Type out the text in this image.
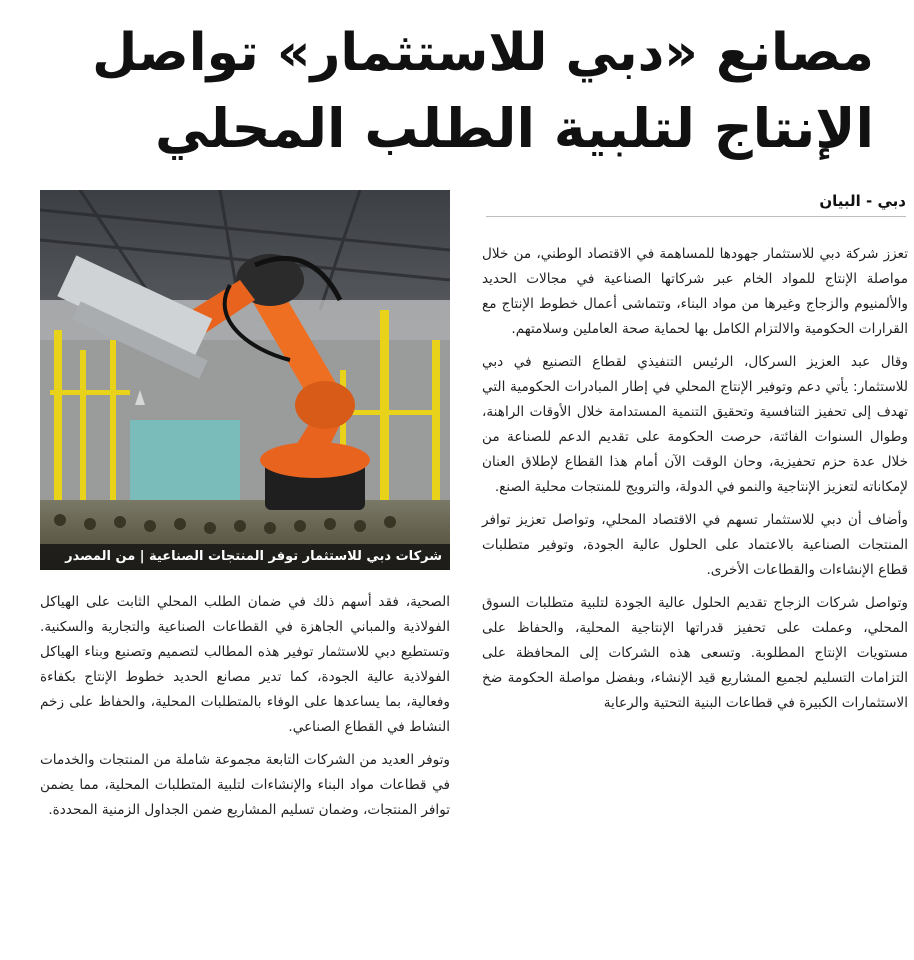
مصانع «دبي للاستثمار» تواصل
الإنتاج لتلبية الطلب المحلي
شركات دبي للاستثمار توفر المنتجات الصناعية | من المصدر
دبي - البيان

تعزز شركة دبي للاستثمار جهودها للمساهمة في الاقتصاد الوطني، من خلال مواصلة الإنتاج للمواد الخام عبر شركاتها الصناعية في مجالات الحديد والألمنيوم والزجاج وغيرها من مواد البناء، وتتماشى أعمال خطوط الإنتاج مع القرارات الحكومية والالتزام الكامل بها لحماية صحة العاملين وسلامتهم.

وقال عبد العزيز السركال، الرئيس التنفيذي لقطاع التصنيع في دبي للاستثمار: يأتي دعم وتوفير الإنتاج المحلي في إطار المبادرات الحكومية التي تهدف إلى تحفيز التنافسية وتحقيق التنمية المستدامة خلال الأوقات الراهنة، وطوال السنوات الفائتة، حرصت الحكومة على تقديم الدعم للصناعة من خلال عدة حزم تحفيزية، وحان الوقت الآن أمام هذا القطاع لإطلاق العنان لإمكاناته لتعزيز الإنتاجية والنمو في الدولة، والترويج للمنتجات محلية الصنع.

وأضاف أن دبي للاستثمار تسهم في الاقتصاد المحلي، وتواصل تعزيز توافر المنتجات الصناعية بالاعتماد على الحلول عالية الجودة، وتوفير متطلبات قطاع الإنشاءات والقطاعات الأخرى.

وتواصل شركات الزجاج تقديم الحلول عالية الجودة لتلبية متطلبات السوق المحلي، وعملت على تحفيز قدراتها الإنتاجية المحلية، والحفاظ على مستويات الإنتاج المطلوبة. وتسعى هذه الشركات إلى المحافظة على التزامات التسليم لجميع المشاريع قيد الإنشاء، وبفضل مواصلة الحكومة ضخ الاستثمارات الكبيرة في قطاعات البنية التحتية والرعاية

الصحية، فقد أسهم ذلك في ضمان الطلب المحلي الثابت على الهياكل الفولاذية والمباني الجاهزة في القطاعات الصناعية والتجارية والسكنية. وتستطيع دبي للاستثمار توفير هذه المطالب لتصميم وتصنيع وبناء الهياكل الفولاذية عالية الجودة، كما تدير مصانع الحديد خطوط الإنتاج بكفاءة وفعالية، بما يساعدها على الوفاء بالمتطلبات المحلية، والحفاظ على زخم النشاط في القطاع الصناعي.

وتوفر العديد من الشركات التابعة مجموعة شاملة من المنتجات والخدمات في قطاعات مواد البناء والإنشاءات لتلبية المتطلبات المحلية، مما يضمن توافر المنتجات، وضمان تسليم المشاريع ضمن الجداول الزمنية المحددة.
